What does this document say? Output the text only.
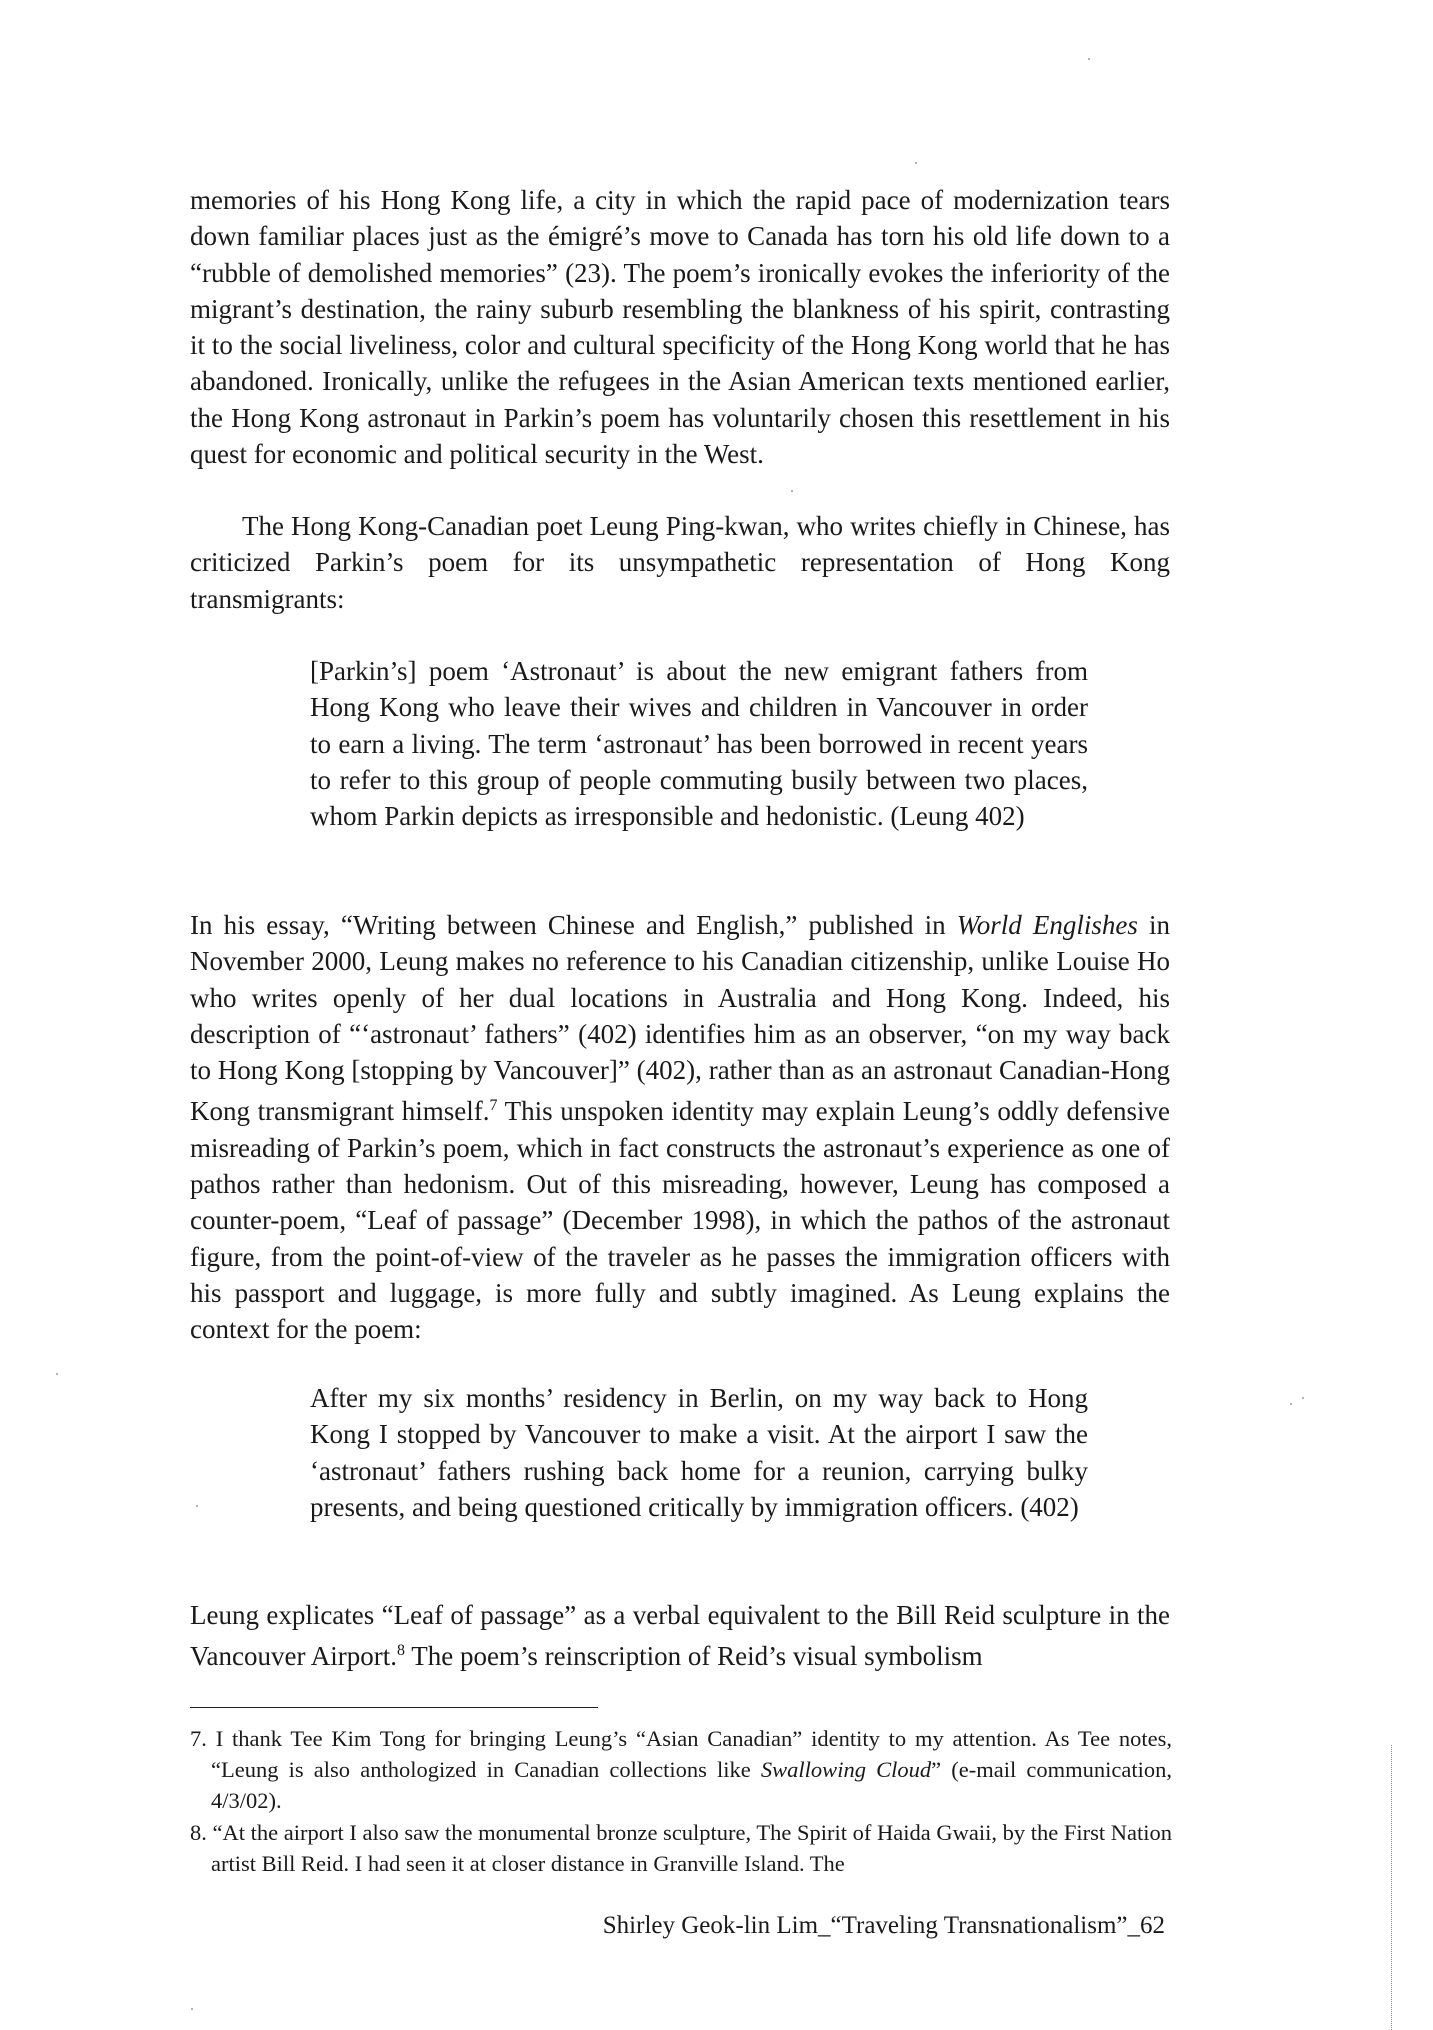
memories of his Hong Kong life, a city in which the rapid pace of modernization tears down familiar places just as the émigré’s move to Canada has torn his old life down to a “rubble of demolished memories” (23). The poem’s ironically evokes the inferiority of the migrant’s destination, the rainy suburb resembling the blankness of his spirit, contrasting it to the social liveliness, color and cultural specificity of the Hong Kong world that he has abandoned. Ironically, unlike the refugees in the Asian American texts mentioned earlier, the Hong Kong astronaut in Parkin’s poem has voluntarily chosen this resettlement in his quest for economic and political security in the West.

The Hong Kong-Canadian poet Leung Ping-kwan, who writes chiefly in Chinese, has criticized Parkin’s poem for its unsympathetic representation of Hong Kong transmigrants:

[Parkin’s] poem ‘Astronaut’ is about the new emigrant fathers from Hong Kong who leave their wives and children in Vancouver in order to earn a living. The term ‘astronaut’ has been borrowed in recent years to refer to this group of people commuting busily between two places, whom Parkin depicts as irresponsible and hedonistic. (Leung 402)

In his essay, “Writing between Chinese and English,” published in World Englishes in November 2000, Leung makes no reference to his Canadian citizenship, unlike Louise Ho who writes openly of her dual locations in Australia and Hong Kong. Indeed, his description of “‘astronaut’ fathers” (402) identifies him as an observer, “on my way back to Hong Kong [stopping by Vancouver]” (402), rather than as an astronaut Canadian-Hong Kong transmigrant himself.$^7$ This unspoken identity may explain Leung’s oddly defensive misreading of Parkin’s poem, which in fact constructs the astronaut’s experience as one of pathos rather than hedonism. Out of this misreading, however, Leung has composed a counter-poem, “Leaf of passage” (December 1998), in which the pathos of the astronaut figure, from the point-of-view of the traveler as he passes the immigration officers with his passport and luggage, is more fully and subtly imagined. As Leung explains the context for the poem:

After my six months’ residency in Berlin, on my way back to Hong Kong I stopped by Vancouver to make a visit. At the airport I saw the ‘astronaut’ fathers rushing back home for a reunion, carrying bulky presents, and being questioned critically by immigration officers. (402)

Leung explicates “Leaf of passage” as a verbal equivalent to the Bill Reid sculpture in the Vancouver Airport.$^8$ The poem’s reinscription of Reid’s visual symbolism

7. I thank Tee Kim Tong for bringing Leung’s “Asian Canadian” identity to my attention. As Tee notes, “Leung is also anthologized in Canadian collections like Swallowing Cloud” (e-mail communication, 4/3/02).

8. “At the airport I also saw the monumental bronze sculpture, The Spirit of Haida Gwaii, by the First Nation artist Bill Reid. I had seen it at closer distance in Granville Island. The

Shirley Geok-lin Lim_“Traveling Transnationalism”_62
